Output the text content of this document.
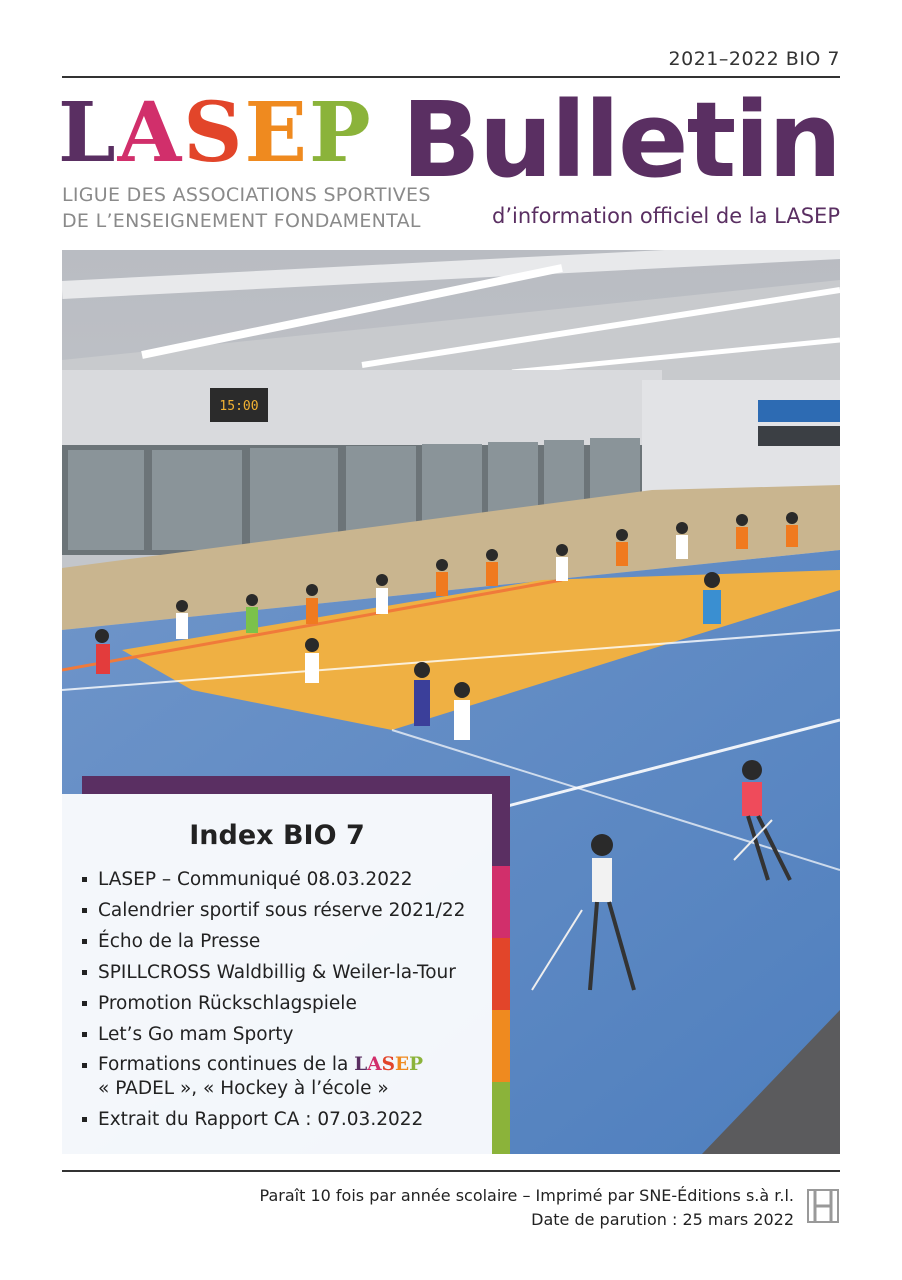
2021–2022 BIO 7
LASEP
LIGUE DES ASSOCIATIONS SPORTIVES
DE L’ENSEIGNEMENT FONDAMENTAL
Bulletin
d’information officiel de la LASEP
15:00
Index BIO 7
LASEP – Communiqué 08.03.2022
Calendrier sportif sous réserve 2021/22
Écho de la Presse
SPILLCROSS Waldbillig & Weiler-la-Tour
Promotion Rückschlagspiele
Let’s Go mam Sporty
Formations continues de la LASEP
« PADEL », « Hockey à l’école »
Extrait du Rapport CA : 07.03.2022
Paraît 10 fois par année scolaire – Imprimé par SNE-Éditions s.à r.l.
Date de parution : 25 mars 2022
